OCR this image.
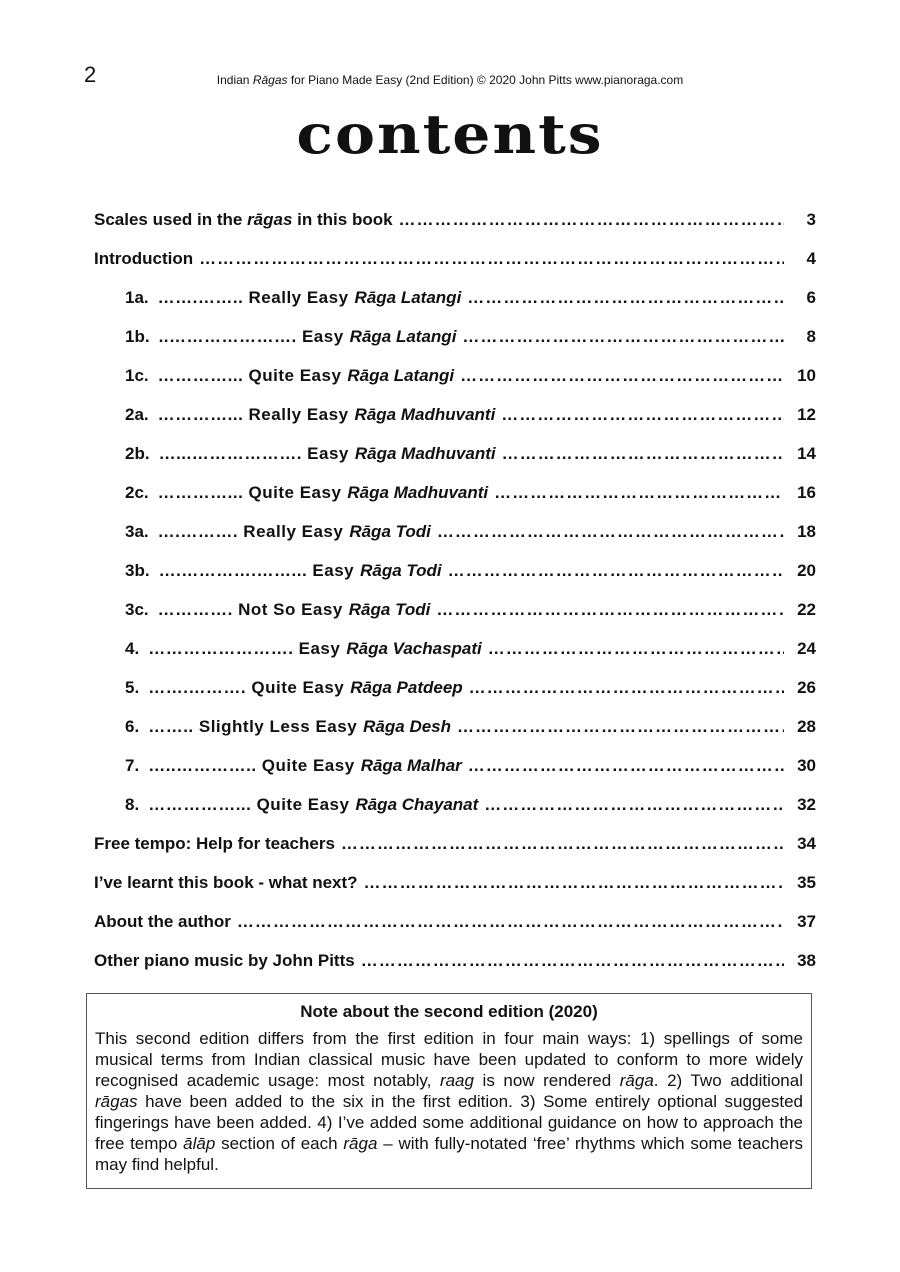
2	Indian Rāgas for Piano Made Easy (2nd Edition) © 2020 John Pitts www.pianoraga.com
contents
Scales used in the rāgas in this book …………………………………………………………………………………………………………………………………………	3
Introduction …………………………………………………………………………………………………………………………………………	4
1a. …….…….. Really Easy Rāga Latangi …………………………………………………………………………………………………………………………………………	6
1b. ..…………………. Easy Rāga Latangi …………………………………………………………………………………………………………………………………………	8
1c. …………... Quite Easy Rāga Latangi …………………………………………………………………………………………………………………………………………	10
2a. …………... Really Easy Rāga Madhuvanti …………………………………………………………………………………………………………………………………………	12
2b. …...………………. Easy Rāga Madhuvanti …………………………………………………………………………………………………………………………………………	14
2c. …………... Quite Easy Rāga Madhuvanti …………………………………………………………………………………………………………………………………………	16
3a. ….………. Really Easy Rāga Todi …………………………………………………………………………………………………………………………………………	18
3b. ….………….……... Easy Rāga Todi …………………………………………………………………………………………………………………………………………	20
3c. …………. Not So Easy Rāga Todi …………………………………………………………………………………………………………………………………………	22
4. ……………………. Easy Rāga Vachaspati …………………………………………………………………………………………………………………………………………	24
5. …….………. Quite Easy Rāga Patdeep …………………………………………………………………………………………………………………………………………	26
6. …….. Slightly Less Easy Rāga Desh …………………………………………………………………………………………………………………………………………	28
7. …..………….. Quite Easy Rāga Malhar …………………………………………………………………………………………………………………………………………	30
8. ……………... Quite Easy Rāga Chayanat …………………………………………………………………………………………………………………………………………	32
Free tempo: Help for teachers …………………………………………………………………………………………………………………………………………	34
I’ve learnt this book - what next? …………………………………………………………………………………………………………………………………………	35
About the author …………………………………………………………………………………………………………………………………………	37
Other piano music by John Pitts …………………………………………………………………………………………………………………………………………	38
Note about the second edition (2020)
This second edition differs from the first edition in four main ways: 1) spellings of some musical terms from Indian classical music have been updated to conform to more widely recognised academic usage: most notably, raag is now rendered rāga. 2) Two additional rāgas have been added to the six in the first edition. 3) Some entirely optional suggested fingerings have been added. 4) I’ve added some additional guidance on how to approach the free tempo ālāp section of each rāga – with fully-notated ‘free’ rhythms which some teachers may find helpful.
